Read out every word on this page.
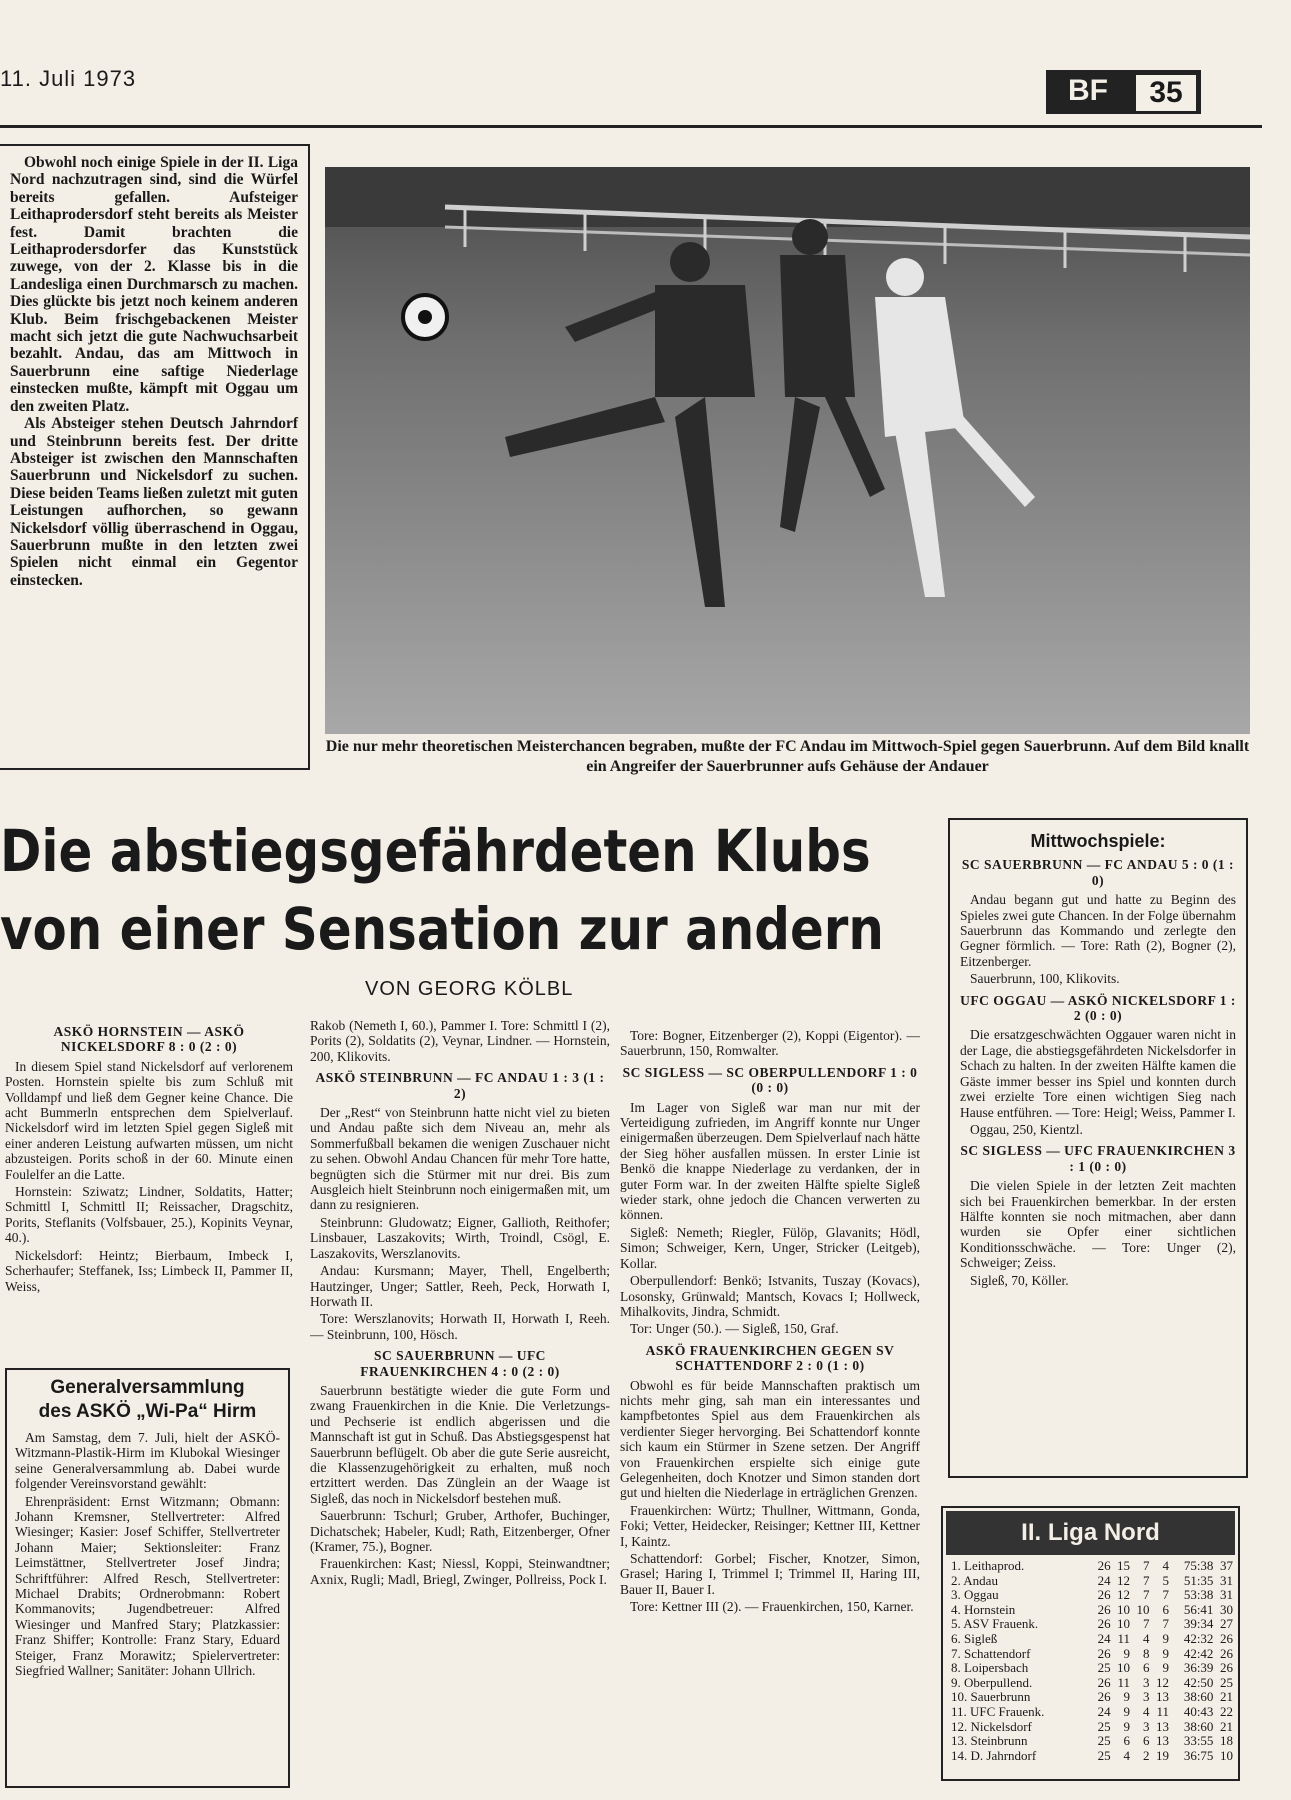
11. Juli 1973	BF	35

Obwohl noch einige Spiele in der II. Liga Nord nachzutragen sind, sind die Würfel bereits gefallen. Aufsteiger Leithaprodersdorf steht bereits als Meister fest. Damit brachten die Leithaprodersdorfer das Kunststück zuwege, von der 2. Klasse bis in die Landesliga einen Durchmarsch zu machen. Dies glückte bis jetzt noch keinem anderen Klub. Beim frischgebackenen Meister macht sich jetzt die gute Nachwuchsarbeit bezahlt. Andau, das am Mittwoch in Sauerbrunn eine saftige Niederlage einstecken mußte, kämpft mit Oggau um den zweiten Platz.

Als Absteiger stehen Deutsch Jahrndorf und Steinbrunn bereits fest. Der dritte Absteiger ist zwischen den Mannschaften Sauerbrunn und Nickelsdorf zu suchen. Diese beiden Teams ließen zuletzt mit guten Leistungen aufhorchen, so gewann Nickelsdorf völlig überraschend in Oggau, Sauerbrunn mußte in den letzten zwei Spielen nicht einmal ein Gegentor einstecken.

Die nur mehr theoretischen Meisterchancen begraben, mußte der FC Andau im Mittwoch-Spiel gegen Sauerbrunn. Auf dem Bild knallt ein Angreifer der Sauerbrunner aufs Gehäuse der Andauer
Die abstiegsgefährdeten Klubs
von einer Sensation zur andern
VON GEORG KÖLBL

ASKÖ HORNSTEIN — ASKÖ NICKELSDORF 8 : 0 (2 : 0)

In diesem Spiel stand Nickelsdorf auf verlorenem Posten. Hornstein spielte bis zum Schluß mit Volldampf und ließ dem Gegner keine Chance. Die acht Bummerln entsprechen dem Spielverlauf. Nickelsdorf wird im letzten Spiel gegen Sigleß mit einer anderen Leistung aufwarten müssen, um nicht abzusteigen. Porits schoß in der 60. Minute einen Foulelfer an die Latte.

Hornstein: Sziwatz; Lindner, Soldatits, Hatter; Schmittl I, Schmittl II; Reissacher, Dragschitz, Porits, Steflanits (Volfsbauer, 25.), Kopinits Veynar, 40.).

Nickelsdorf: Heintz; Bierbaum, Imbeck I, Scherhaufer; Steffanek, Iss; Limbeck II, Pammer II, Weiss,

Generalversammlung
des ASKÖ „Wi-Pa“ Hirm

Am Samstag, dem 7. Juli, hielt der ASKÖ-Witzmann-Plastik-Hirm im Klubokal Wiesinger seine Generalversammlung ab. Dabei wurde folgender Vereinsvorstand gewählt:

Ehrenpräsident: Ernst Witzmann; Obmann: Johann Kremsner, Stellvertreter: Alfred Wiesinger; Kasier: Josef Schiffer, Stellvertreter Johann Maier; Sektionsleiter: Franz Leimstättner, Stellvertreter Josef Jindra; Schriftführer: Alfred Resch, Stellvertreter: Michael Drabits; Ordnerobmann: Robert Kommanovits; Jugendbetreuer: Alfred Wiesinger und Manfred Stary; Platzkassier: Franz Shiffer; Kontrolle: Franz Stary, Eduard Steiger, Franz Morawitz; Spielervertreter: Siegfried Wallner; Sanitäter: Johann Ullrich.

Rakob (Nemeth I, 60.), Pammer I. Tore: Schmittl I (2), Porits (2), Soldatits (2), Veynar, Lindner. — Hornstein, 200, Klikovits.

ASKÖ STEINBRUNN — FC ANDAU 1 : 3 (1 : 2)

Der „Rest“ von Steinbrunn hatte nicht viel zu bieten und Andau paßte sich dem Niveau an, mehr als Sommerfußball bekamen die wenigen Zuschauer nicht zu sehen. Obwohl Andau Chancen für mehr Tore hatte, begnügten sich die Stürmer mit nur drei. Bis zum Ausgleich hielt Steinbrunn noch einigermaßen mit, um dann zu resignieren.

Steinbrunn: Gludowatz; Eigner, Gallioth, Reithofer; Linsbauer, Laszakovits; Wirth, Troindl, Csögl, E. Laszakovits, Werszlanovits.

Andau: Kursmann; Mayer, Thell, Engelberth; Hautzinger, Unger; Sattler, Reeh, Peck, Horwath I, Horwath II.

Tore: Werszlanovits; Horwath II, Horwath I, Reeh. — Steinbrunn, 100, Hösch.

SC SAUERBRUNN — UFC FRAUENKIRCHEN 4 : 0 (2 : 0)

Sauerbrunn bestätigte wieder die gute Form und zwang Frauenkirchen in die Knie. Die Verletzungs- und Pechserie ist endlich abgerissen und die Mannschaft ist gut in Schuß. Das Abstiegsgespenst hat Sauerbrunn beflügelt. Ob aber die gute Serie ausreicht, die Klassenzugehörigkeit zu erhalten, muß noch ertzittert werden. Das Zünglein an der Waage ist Sigleß, das noch in Nickelsdorf bestehen muß.

Sauerbrunn: Tschurl; Gruber, Arthofer, Buchinger, Dichatschek; Habeler, Kudl; Rath, Eitzenberger, Ofner (Kramer, 75.), Bogner.

Frauenkirchen: Kast; Niessl, Koppi, Steinwandtner; Axnix, Rugli; Madl, Briegl, Zwinger, Pollreiss, Pock I.

Tore: Bogner, Eitzenberger (2), Koppi (Eigentor). — Sauerbrunn, 150, Romwalter.

SC SIGLESS — SC OBERPULLENDORF 1 : 0 (0 : 0)

Im Lager von Sigleß war man nur mit der Verteidigung zufrieden, im Angriff konnte nur Unger einigermaßen überzeugen. Dem Spielverlauf nach hätte der Sieg höher ausfallen müssen. In erster Linie ist Benkö die knappe Niederlage zu verdanken, der in guter Form war. In der zweiten Hälfte spielte Sigleß wieder stark, ohne jedoch die Chancen verwerten zu können.

Sigleß: Nemeth; Riegler, Fülöp, Glavanits; Hödl, Simon; Schweiger, Kern, Unger, Stricker (Leitgeb), Kollar.

Oberpullendorf: Benkö; Istvanits, Tuszay (Kovacs), Losonsky, Grünwald; Mantsch, Kovacs I; Hollweck, Mihalkovits, Jindra, Schmidt.

Tor: Unger (50.). — Sigleß, 150, Graf.

ASKÖ FRAUENKIRCHEN GEGEN SV SCHATTENDORF 2 : 0 (1 : 0)

Obwohl es für beide Mannschaften praktisch um nichts mehr ging, sah man ein interessantes und kampfbetontes Spiel aus dem Frauenkirchen als verdienter Sieger hervorging. Bei Schattendorf konnte sich kaum ein Stürmer in Szene setzen. Der Angriff von Frauenkirchen erspielte sich einige gute Gelegenheiten, doch Knotzer und Simon standen dort gut und hielten die Niederlage in erträglichen Grenzen.

Frauenkirchen: Würtz; Thullner, Wittmann, Gonda, Foki; Vetter, Heidecker, Reisinger; Kettner III, Kettner I, Kaintz.

Schattendorf: Gorbel; Fischer, Knotzer, Simon, Grasel; Haring I, Trimmel I; Trimmel II, Haring III, Bauer II, Bauer I.

Tore: Kettner III (2). — Frauenkirchen, 150, Karner.

Mittwochspiele:

SC SAUERBRUNN — FC ANDAU 5 : 0 (1 : 0)

Andau begann gut und hatte zu Beginn des Spieles zwei gute Chancen. In der Folge übernahm Sauerbrunn das Kommando und zerlegte den Gegner förmlich. — Tore: Rath (2), Bogner (2), Eitzenberger.

Sauerbrunn, 100, Klikovits.

UFC OGGAU — ASKÖ NICKELSDORF 1 : 2 (0 : 0)

Die ersatzgeschwächten Oggauer waren nicht in der Lage, die abstiegsgefährdeten Nickelsdorfer in Schach zu halten. In der zweiten Hälfte kamen die Gäste immer besser ins Spiel und konnten durch zwei erzielte Tore einen wichtigen Sieg nach Hause entführen. — Tore: Heigl; Weiss, Pammer I.

Oggau, 250, Kientzl.

SC SIGLESS — UFC FRAUENKIRCHEN 3 : 1 (0 : 0)

Die vielen Spiele in der letzten Zeit machten sich bei Frauenkirchen bemerkbar. In der ersten Hälfte konnten sie noch mitmachen, aber dann wurden sie Opfer einer sichtlichen Konditionsschwäche. — Tore: Unger (2), Schweiger; Zeiss.

Sigleß, 70, Köller.

II. Liga Nord
1. Leithaprod.	26	15	7	4	75:38	37
2. Andau	24	12	7	5	51:35	31
3. Oggau	26	12	7	7	53:38	31
4. Hornstein	26	10	10	6	56:41	30
5. ASV Frauenk.	26	10	7	7	39:34	27
6. Sigleß	24	11	4	9	42:32	26
7. Schattendorf	26	9	8	9	42:42	26
8. Loipersbach	25	10	6	9	36:39	26
9. Oberpullend.	26	11	3	12	42:50	25
10. Sauerbrunn	26	9	3	13	38:60	21
11. UFC Frauenk.	24	9	4	11	40:43	22
12. Nickelsdorf	25	9	3	13	38:60	21
13. Steinbrunn	25	6	6	13	33:55	18
14. D. Jahrndorf	25	4	2	19	36:75	10
